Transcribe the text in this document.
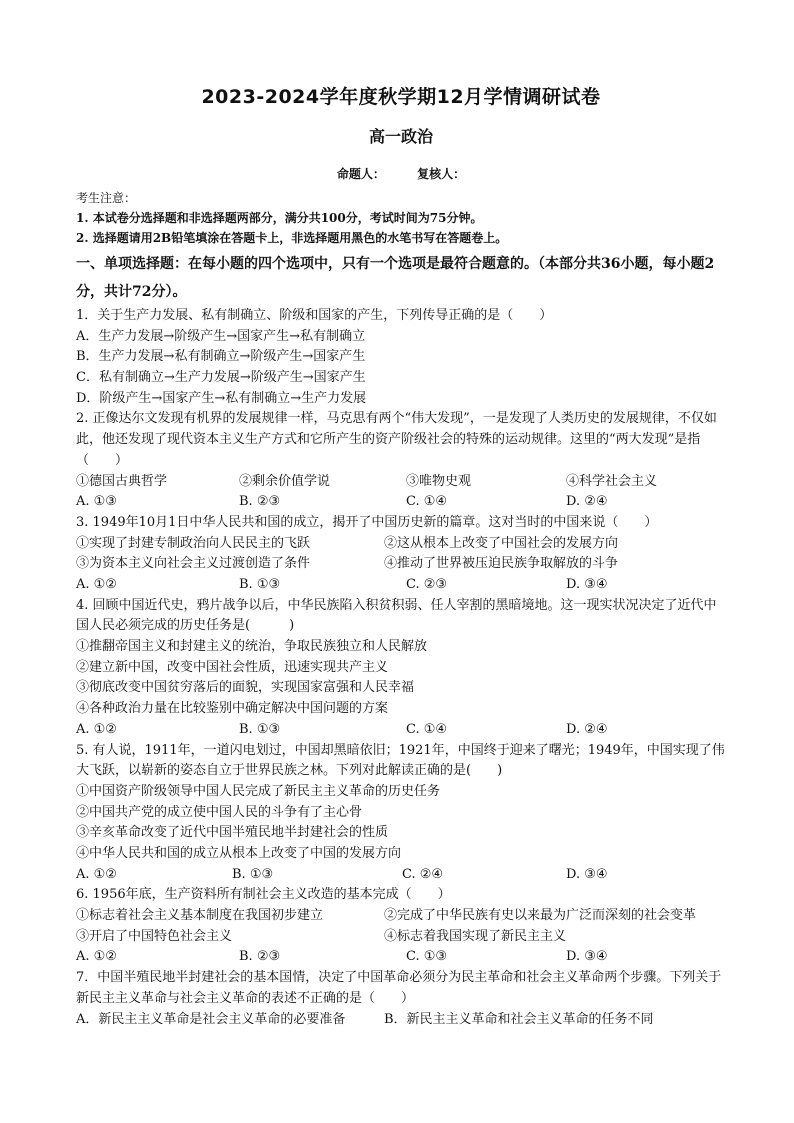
2023-2024学年度秋学期12月学情调研试卷
高一政治
命题人：	复核人：
考生注意：
1. 本试卷分选择题和非选择题两部分，满分共100分，考试时间为75分钟。
2. 选择题请用2B铅笔填涂在答题卡上，非选择题用黑色的水笔书写在答题卷上。
一、单项选择题：在每小题的四个选项中，只有一个选项是最符合题意的。（本部分共36小题，每小题2分，共计72分）。
1．关于生产力发展、私有制确立、阶级和国家的产生，下列传导正确的是（　　）
A．生产力发展→阶级产生→国家产生→私有制确立
B．生产力发展→私有制确立→阶级产生→国家产生
C．私有制确立→生产力发展→阶级产生→国家产生
D．阶级产生→国家产生→私有制确立→生产力发展
2. 正像达尔文发现有机界的发展规律一样，马克思有两个“伟大发现”，一是发现了人类历史的发展规律，不仅如此，他还发现了现代资本主义生产方式和它所产生的资产阶级社会的特殊的运动规律。这里的“两大发现”是指（　　）
①德国古典哲学	②剩余价值学说	③唯物史观	④科学社会主义
A. ①③	B. ②③	C. ①④	D. ②④
3. 1949年10月1日中华人民共和国的成立，揭开了中国历史新的篇章。这对当时的中国来说（　　）
①实现了封建专制政治向人民民主的飞跃	②这从根本上改变了中国社会的发展方向
③为资本主义向社会主义过渡创造了条件	④推动了世界被压迫民族争取解放的斗争
A. ①②	B. ①③	C. ②③	D. ③④
4. 回顾中国近代史，鸦片战争以后，中华民族陷入积贫积弱、任人宰割的黑暗境地。这一现实状况决定了近代中国人民必须完成的历史任务是(　　　)
①推翻帝国主义和封建主义的统治，争取民族独立和人民解放
②建立新中国，改变中国社会性质，迅速实现共产主义
③彻底改变中国贫穷落后的面貌，实现国家富强和人民幸福
④各种政治力量在比较鉴别中确定解决中国问题的方案
A. ①②	B. ①③	C. ①④	D. ②④
5. 有人说，1911年，一道闪电划过，中国却黑暗依旧；1921年，中国终于迎来了曙光；1949年，中国实现了伟大飞跃，以崭新的姿态自立于世界民族之林。下列对此解读正确的是(　　)
①中国资产阶级领导中国人民完成了新民主主义革命的历史任务
②中国共产党的成立使中国人民的斗争有了主心骨
③辛亥革命改变了近代中国半殖民地半封建社会的性质
④中华人民共和国的成立从根本上改变了中国的发展方向
A. ①②	B. ①③	C. ②④	D. ③④
6. 1956年底，生产资料所有制社会主义改造的基本完成（　　）
①标志着社会主义基本制度在我国初步建立	②完成了中华民族有史以来最为广泛而深刻的社会变革
③开启了中国特色社会主义	④标志着我国实现了新民主主义
A. ①②	B. ②③	C. ①③	D. ③④
7．中国半殖民地半封建社会的基本国情，决定了中国革命必须分为民主革命和社会主义革命两个步骤。下列关于新民主主义革命与社会主义革命的表述不正确的是（　　）
A．新民主主义革命是社会主义革命的必要准备	B．新民主主义革命和社会主义革命的任务不同
